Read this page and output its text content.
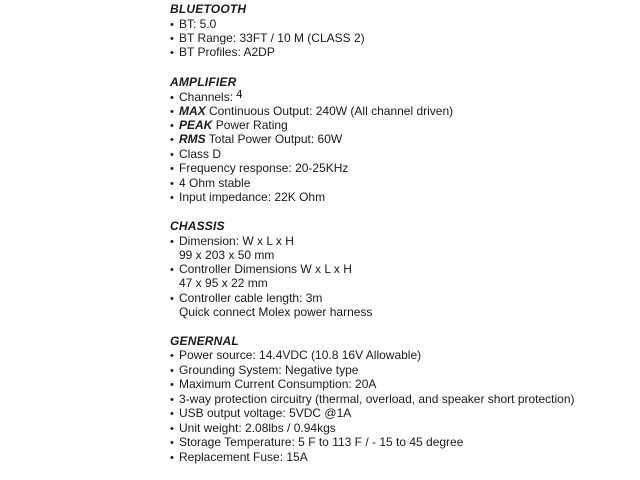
BLUETOOTH
• BT: 5.0
• BT Range: 33FT / 10 M (CLASS 2)
• BT Profiles: A2DP
AMPLIFIER
• Channels: 4
• MAX Continuous Output: 240W (All channel driven)
• PEAK Power Rating
• RMS Total Power Output: 60W
• Class D
• Frequency response: 20-25KHz
• 4 Ohm stable
• Input impedance: 22K Ohm
CHASSIS
• Dimension: W x L x H
99 x 203 x 50 mm
• Controller Dimensions W x L x H
47 x 95 x 22 mm
• Controller cable length: 3m
Quick connect Molex power harness
GENERNAL
• Power source: 14.4VDC (10.8 16V Allowable)
• Grounding System: Negative type
• Maximum Current Consumption: 20A
• 3-way protection circuitry (thermal, overload, and speaker short protection)
• USB output voltage: 5VDC @1A
• Unit weight: 2.08lbs / 0.94kgs
• Storage Temperature: 5 F to 113 F / - 15 to 45 degree
• Replacement Fuse: 15A
